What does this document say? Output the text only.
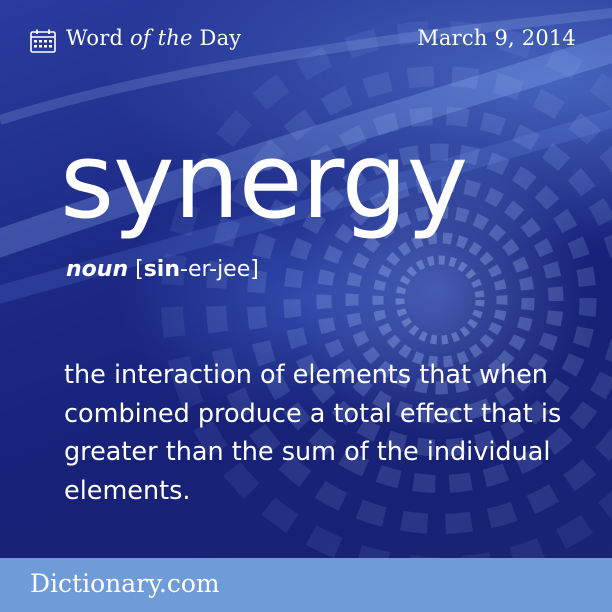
Word of the Day	March 9, 2014
synergy
noun [sin-er-jee]
the interaction of elements that when combined produce a total effect that is greater than the sum of the individual elements.
Dictionary.com
